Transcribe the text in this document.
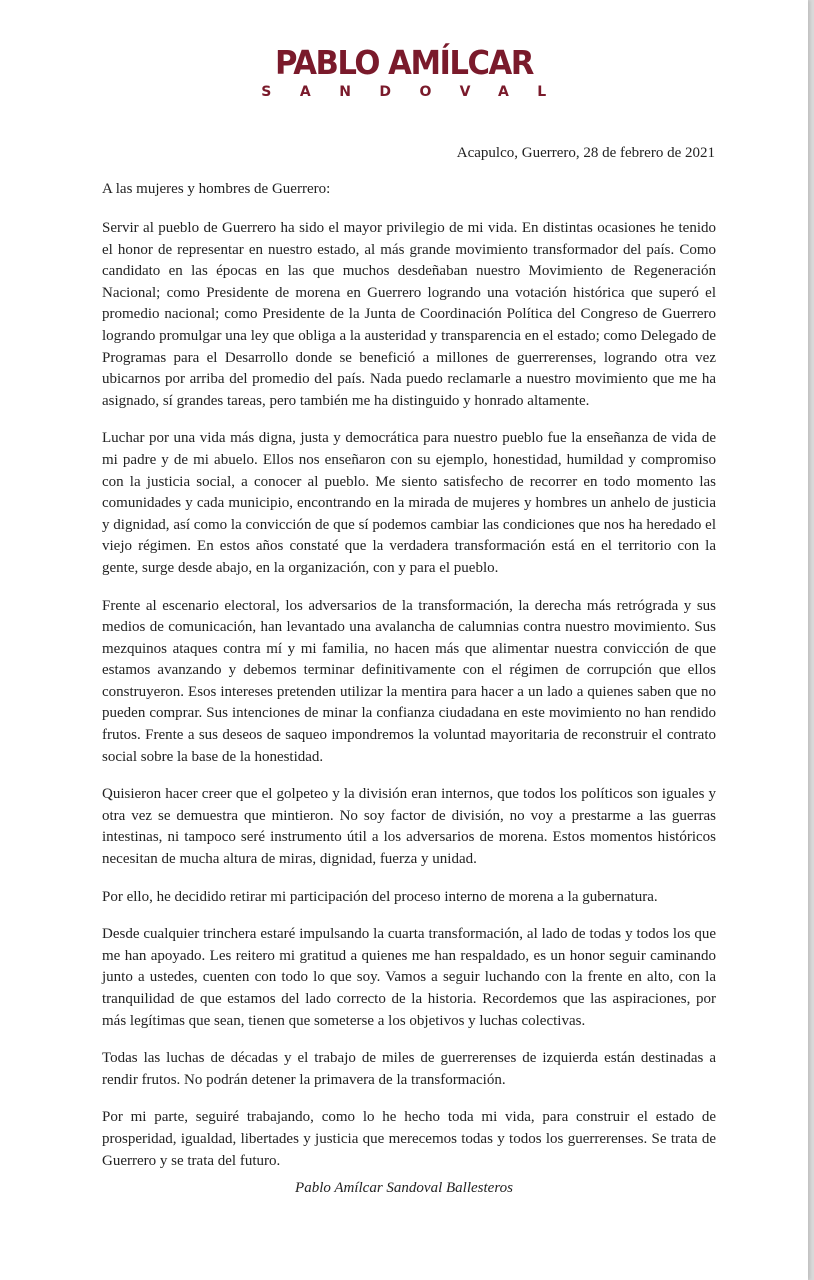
PABLO AMÍLCAR
SANDOVAL
Acapulco, Guerrero, 28 de febrero de 2021
A las mujeres y hombres de Guerrero:

Servir al pueblo de Guerrero ha sido el mayor privilegio de mi vida. En distintas ocasiones he tenido el honor de representar en nuestro estado, al más grande movimiento transformador del país. Como candidato en las épocas en las que muchos desdeñaban nuestro Movimiento de Regeneración Nacional; como Presidente de morena en Guerrero logrando una votación histórica que superó el promedio nacional; como Presidente de la Junta de Coordinación Política del Congreso de Guerrero logrando promulgar una ley que obliga a la austeridad y transparencia en el estado; como Delegado de Programas para el Desarrollo donde se benefició a millones de guerrerenses, logrando otra vez ubicarnos por arriba del promedio del país. Nada puedo reclamarle a nuestro movimiento que me ha asignado, sí grandes tareas, pero también me ha distinguido y honrado altamente.

Luchar por una vida más digna, justa y democrática para nuestro pueblo fue la enseñanza de vida de mi padre y de mi abuelo. Ellos nos enseñaron con su ejemplo, honestidad, humildad y compromiso con la justicia social, a conocer al pueblo. Me siento satisfecho de recorrer en todo momento las comunidades y cada municipio, encontrando en la mirada de mujeres y hombres un anhelo de justicia y dignidad, así como la convicción de que sí podemos cambiar las condiciones que nos ha heredado el viejo régimen. En estos años constaté que la verdadera transformación está en el territorio con la gente, surge desde abajo, en la organización, con y para el pueblo.

Frente al escenario electoral, los adversarios de la transformación, la derecha más retrógrada y sus medios de comunicación, han levantado una avalancha de calumnias contra nuestro movimiento. Sus mezquinos ataques contra mí y mi familia, no hacen más que alimentar nuestra convicción de que estamos avanzando y debemos terminar definitivamente con el régimen de corrupción que ellos construyeron. Esos intereses pretenden utilizar la mentira para hacer a un lado a quienes saben que no pueden comprar. Sus intenciones de minar la confianza ciudadana en este movimiento no han rendido frutos. Frente a sus deseos de saqueo impondremos la voluntad mayoritaria de reconstruir el contrato social sobre la base de la honestidad.

Quisieron hacer creer que el golpeteo y la división eran internos, que todos los políticos son iguales y otra vez se demuestra que mintieron. No soy factor de división, no voy a prestarme a las guerras intestinas, ni tampoco seré instrumento útil a los adversarios de morena. Estos momentos históricos necesitan de mucha altura de miras, dignidad, fuerza y unidad.

Por ello, he decidido retirar mi participación del proceso interno de morena a la gubernatura.

Desde cualquier trinchera estaré impulsando la cuarta transformación, al lado de todas y todos los que me han apoyado. Les reitero mi gratitud a quienes me han respaldado, es un honor seguir caminando junto a ustedes, cuenten con todo lo que soy. Vamos a seguir luchando con la frente en alto, con la tranquilidad de que estamos del lado correcto de la historia. Recordemos que las aspiraciones, por más legítimas que sean, tienen que someterse a los objetivos y luchas colectivas.

Todas las luchas de décadas y el trabajo de miles de guerrerenses de izquierda están destinadas a rendir frutos. No podrán detener la primavera de la transformación.

Por mi parte, seguiré trabajando, como lo he hecho toda mi vida, para construir el estado de prosperidad, igualdad, libertades y justicia que merecemos todas y todos los guerrerenses. Se trata de Guerrero y se trata del futuro.

Pablo Amílcar Sandoval Ballesteros
